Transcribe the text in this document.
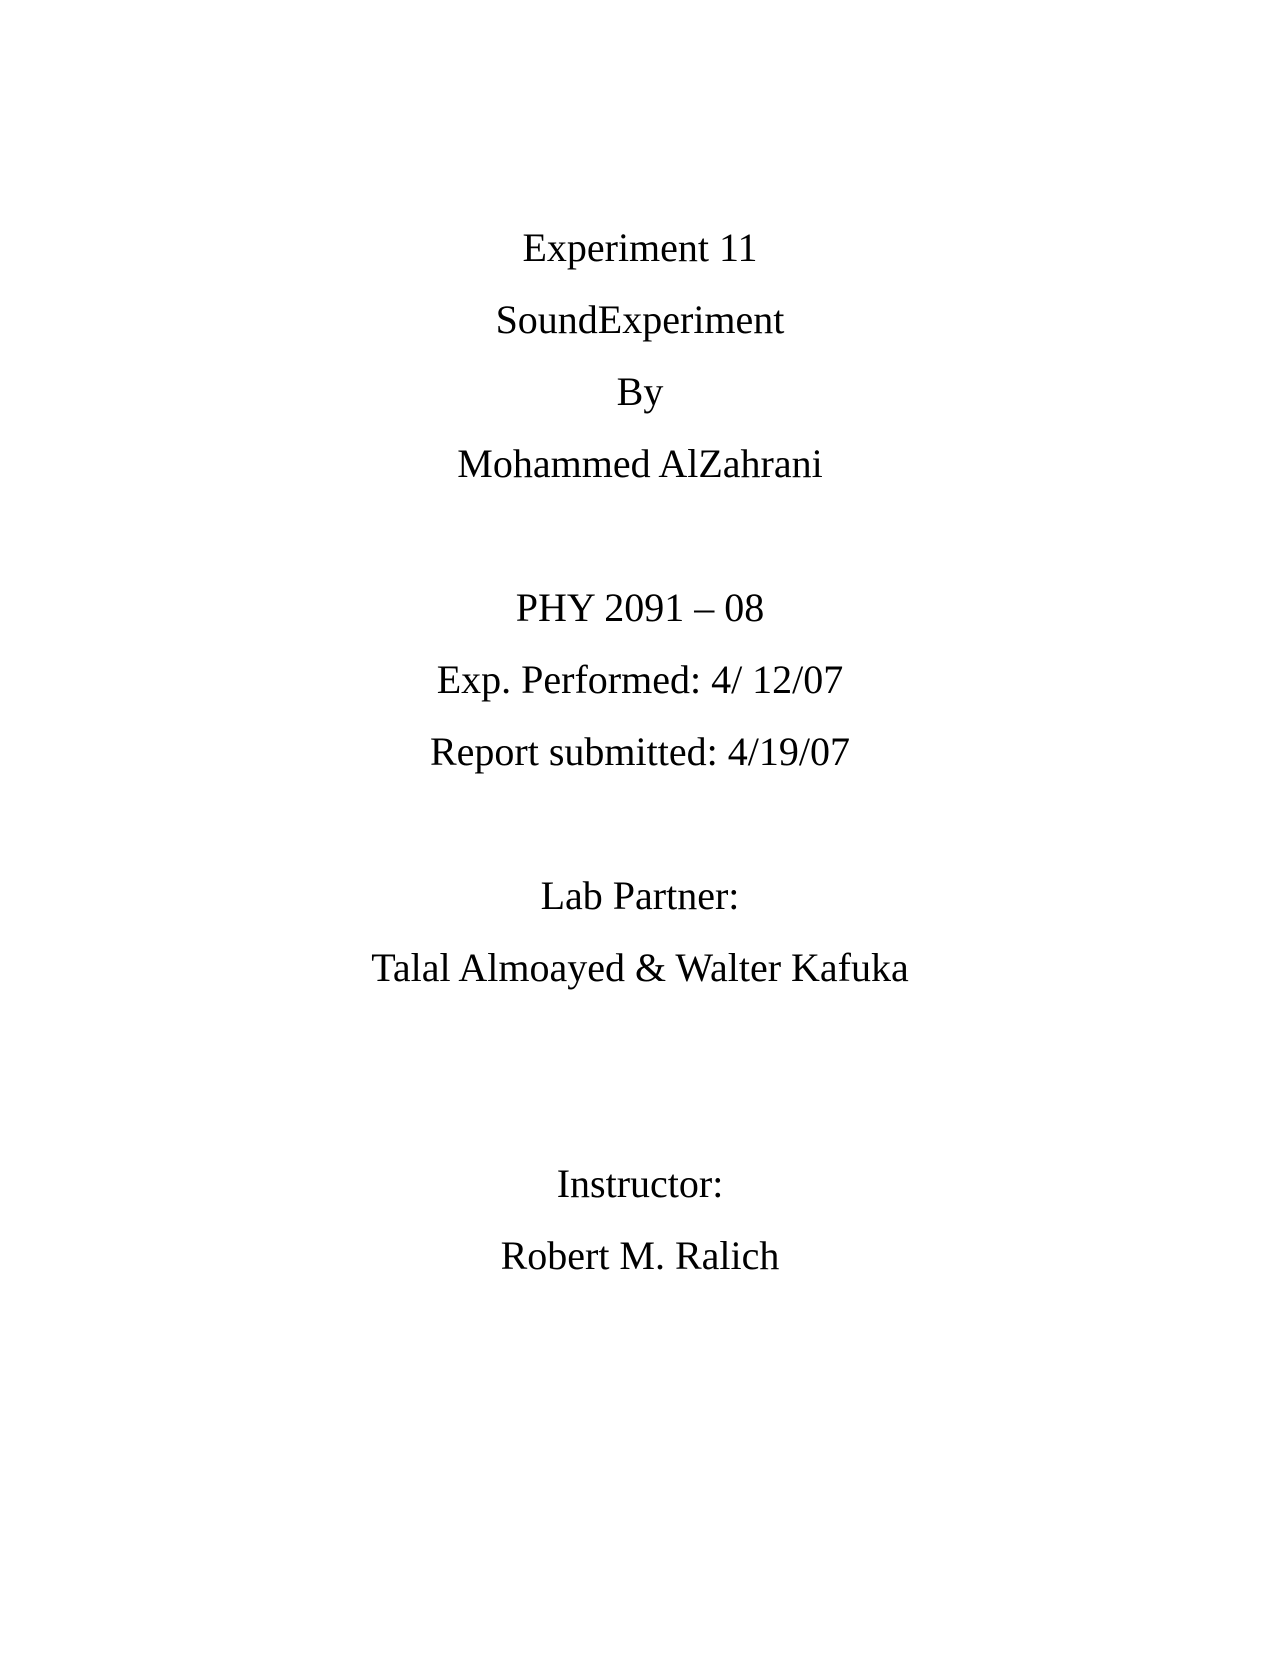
Experiment 11
SoundExperiment
By
Mohammed AlZahrani
PHY 2091 – 08
Exp. Performed: 4/ 12/07
Report submitted: 4/19/07
Lab Partner:
Talal Almoayed & Walter Kafuka
Instructor:
Robert M. Ralich
